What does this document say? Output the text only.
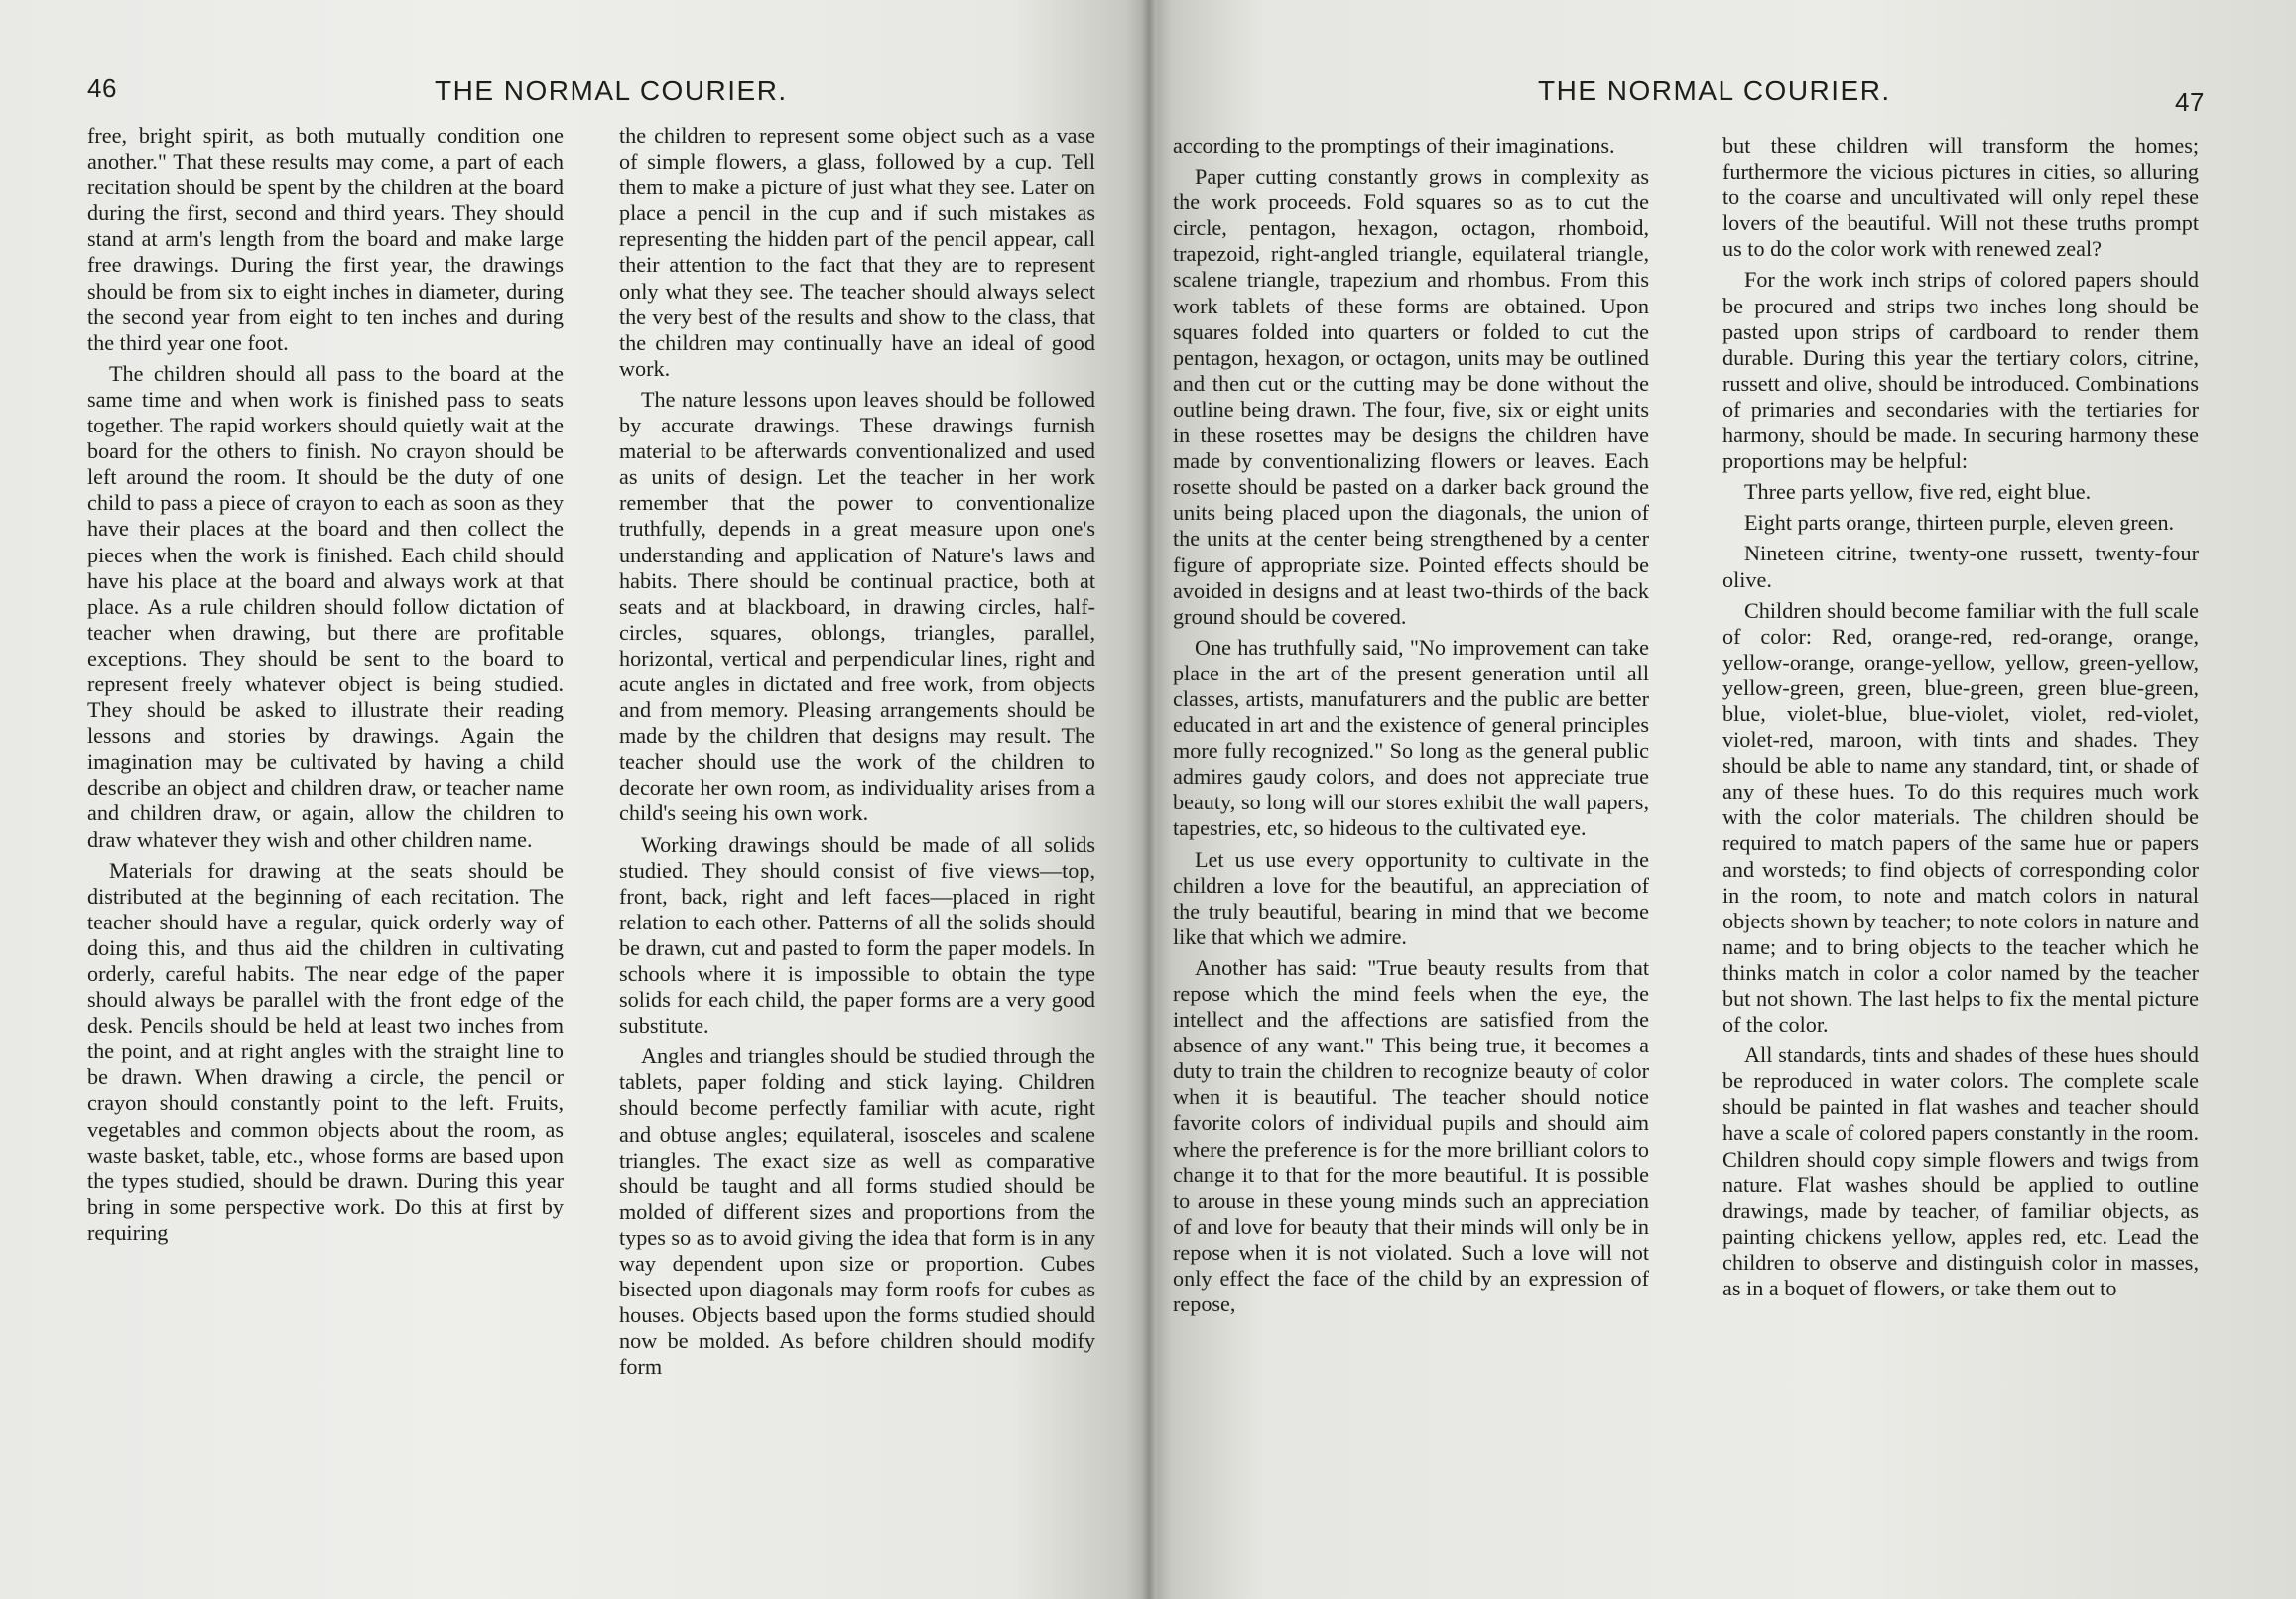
46	THE NORMAL COURIER.

free, bright spirit, as both mutually condition one another." That these results may come, a part of each recitation should be spent by the children at the board during the first, second and third years. They should stand at arm's length from the board and make large free drawings. During the first year, the drawings should be from six to eight inches in diameter, during the second year from eight to ten inches and during the third year one foot.

The children should all pass to the board at the same time and when work is finished pass to seats together. The rapid workers should quietly wait at the board for the others to finish. No crayon should be left around the room. It should be the duty of one child to pass a piece of crayon to each as soon as they have their places at the board and then collect the pieces when the work is finished. Each child should have his place at the board and always work at that place. As a rule children should follow dictation of teacher when drawing, but there are profitable exceptions. They should be sent to the board to represent freely whatever object is being studied. They should be asked to illustrate their reading lessons and stories by drawings. Again the imagination may be cultivated by having a child describe an object and children draw, or teacher name and children draw, or again, allow the children to draw whatever they wish and other children name.

Materials for drawing at the seats should be distributed at the beginning of each recitation. The teacher should have a regular, quick orderly way of doing this, and thus aid the children in cultivating orderly, careful habits. The near edge of the paper should always be parallel with the front edge of the desk. Pencils should be held at least two inches from the point, and at right angles with the straight line to be drawn. When drawing a circle, the pencil or crayon should constantly point to the left. Fruits, vegetables and common objects about the room, as waste basket, table, etc., whose forms are based upon the types studied, should be drawn. During this year bring in some perspective work. Do this at first by requiring

the children to represent some object such as a vase of simple flowers, a glass, followed by a cup. Tell them to make a picture of just what they see. Later on place a pencil in the cup and if such mistakes as representing the hidden part of the pencil appear, call their attention to the fact that they are to represent only what they see. The teacher should always select the very best of the results and show to the class, that the children may continually have an ideal of good work.

The nature lessons upon leaves should be followed by accurate drawings. These drawings furnish material to be afterwards conventionalized and used as units of design. Let the teacher in her work remember that the power to conventionalize truthfully, depends in a great measure upon one's understanding and application of Nature's laws and habits. There should be continual practice, both at seats and at blackboard, in drawing circles, half-circles, squares, oblongs, triangles, parallel, horizontal, vertical and perpendicular lines, right and acute angles in dictated and free work, from objects and from memory. Pleasing arrangements should be made by the children that designs may result. The teacher should use the work of the children to decorate her own room, as individuality arises from a child's seeing his own work.

Working drawings should be made of all solids studied. They should consist of five views—top, front, back, right and left faces—placed in right relation to each other. Patterns of all the solids should be drawn, cut and pasted to form the paper models. In schools where it is impossible to obtain the type solids for each child, the paper forms are a very good substitute.

Angles and triangles should be studied through the tablets, paper folding and stick laying. Children should become perfectly familiar with acute, right and obtuse angles; equilateral, isosceles and scalene triangles. The exact size as well as comparative should be taught and all forms studied should be molded of different sizes and proportions from the types so as to avoid giving the idea that form is in any way dependent upon size or proportion. Cubes bisected upon diagonals may form roofs for cubes as houses. Objects based upon the forms studied should now be molded. As before children should modify form

THE NORMAL COURIER.	47

according to the promptings of their imaginations.

Paper cutting constantly grows in complexity as the work proceeds. Fold squares so as to cut the circle, pentagon, hexagon, octagon, rhomboid, trapezoid, right-angled triangle, equilateral triangle, scalene triangle, trapezium and rhombus. From this work tablets of these forms are obtained. Upon squares folded into quarters or folded to cut the pentagon, hexagon, or octagon, units may be outlined and then cut or the cutting may be done without the outline being drawn. The four, five, six or eight units in these rosettes may be designs the children have made by conventionalizing flowers or leaves. Each rosette should be pasted on a darker back ground the units being placed upon the diagonals, the union of the units at the center being strengthened by a center figure of appropriate size. Pointed effects should be avoided in designs and at least two-thirds of the back ground should be covered.

One has truthfully said, "No improvement can take place in the art of the present generation until all classes, artists, manufaturers and the public are better educated in art and the existence of general principles more fully recognized." So long as the general public admires gaudy colors, and does not appreciate true beauty, so long will our stores exhibit the wall papers, tapestries, etc, so hideous to the cultivated eye.

Let us use every opportunity to cultivate in the children a love for the beautiful, an appreciation of the truly beautiful, bearing in mind that we become like that which we admire.

Another has said: "True beauty results from that repose which the mind feels when the eye, the intellect and the affections are satisfied from the absence of any want." This being true, it becomes a duty to train the children to recognize beauty of color when it is beautiful. The teacher should notice favorite colors of individual pupils and should aim where the preference is for the more brilliant colors to change it to that for the more beautiful. It is possible to arouse in these young minds such an appreciation of and love for beauty that their minds will only be in repose when it is not violated. Such a love will not only effect the face of the child by an expression of repose,

but these children will transform the homes; furthermore the vicious pictures in cities, so alluring to the coarse and uncultivated will only repel these lovers of the beautiful. Will not these truths prompt us to do the color work with renewed zeal?

For the work inch strips of colored papers should be procured and strips two inches long should be pasted upon strips of cardboard to render them durable. During this year the tertiary colors, citrine, russett and olive, should be introduced. Combinations of primaries and secondaries with the tertiaries for harmony, should be made. In securing harmony these proportions may be helpful:

Three parts yellow, five red, eight blue.

Eight parts orange, thirteen purple, eleven green.

Nineteen citrine, twenty-one russett, twenty-four olive.

Children should become familiar with the full scale of color: Red, orange-red, red-orange, orange, yellow-orange, orange-yellow, yellow, green-yellow, yellow-green, green, blue-green, green blue-green, blue, violet-blue, blue-violet, violet, red-violet, violet-red, maroon, with tints and shades. They should be able to name any standard, tint, or shade of any of these hues. To do this requires much work with the color materials. The children should be required to match papers of the same hue or papers and worsteds; to find objects of corresponding color in the room, to note and match colors in natural objects shown by teacher; to note colors in nature and name; and to bring objects to the teacher which he thinks match in color a color named by the teacher but not shown. The last helps to fix the mental picture of the color.

All standards, tints and shades of these hues should be reproduced in water colors. The complete scale should be painted in flat washes and teacher should have a scale of colored papers constantly in the room. Children should copy simple flowers and twigs from nature. Flat washes should be applied to outline drawings, made by teacher, of familiar objects, as painting chickens yellow, apples red, etc. Lead the children to observe and distinguish color in masses, as in a boquet of flowers, or take them out to
